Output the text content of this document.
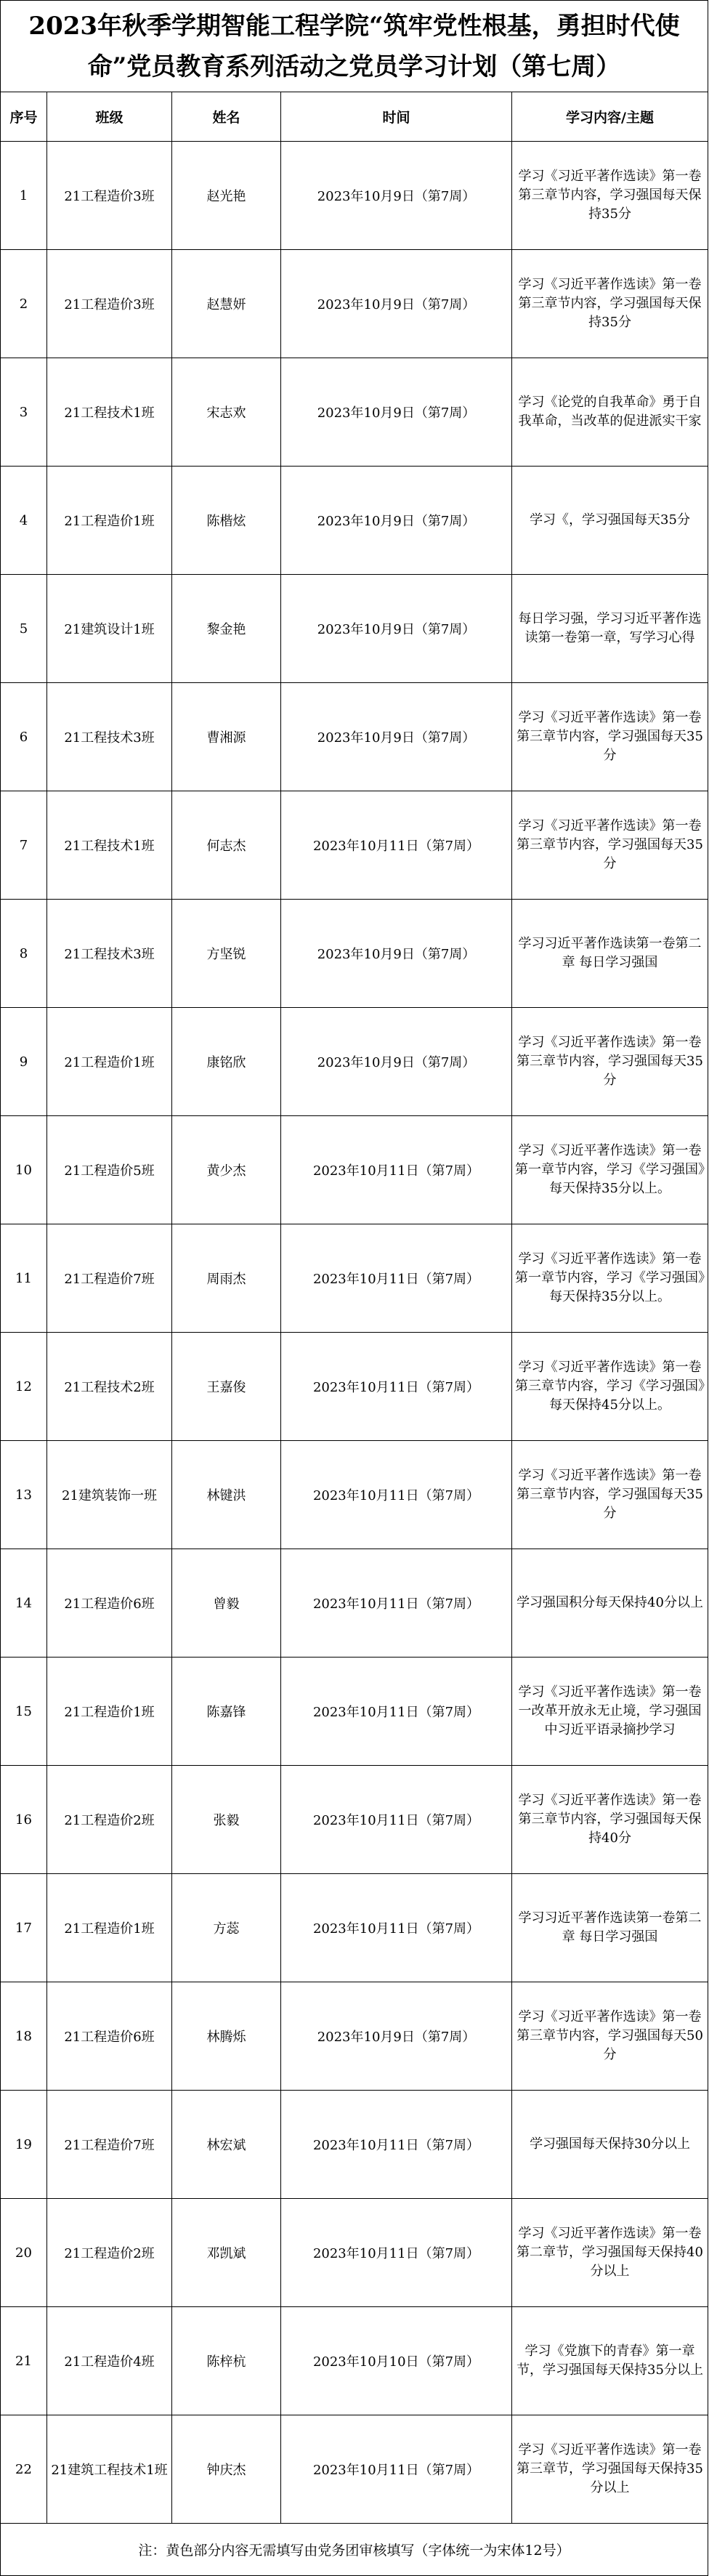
2023年秋季学期智能工程学院“筑牢党性根基，勇担时代使命”党员教育系列活动之党员学习计划（第七周）				
序号	班级	姓名	时间	学习内容/主题
1	21工程造价3班	赵光艳	2023年10月9日（第7周）	学习《习近平著作选读》第一卷第三章节内容，学习强国每天保持35分
2	21工程造价3班	赵慧妍	2023年10月9日（第7周）	学习《习近平著作选读》第一卷第三章节内容，学习强国每天保持35分
3	21工程技术1班	宋志欢	2023年10月9日（第7周）	学习《论党的自我革命》勇于自我革命，当改革的促进派实干家
4	21工程造价1班	陈楷炫	2023年10月9日（第7周）	学习《，学习强国每天35分
5	21建筑设计1班	黎金艳	2023年10月9日（第7周）	每日学习强，学习习近平著作选读第一卷第一章，写学习心得
6	21工程技术3班	曹湘源	2023年10月9日（第7周）	学习《习近平著作选读》第一卷第三章节内容，学习强国每天35分
7	21工程技术1班	何志杰	2023年10月11日（第7周）	学习《习近平著作选读》第一卷第三章节内容，学习强国每天35分
8	21工程技术3班	方坚锐	2023年10月9日（第7周）	学习习近平著作选读第一卷第二章 每日学习强国
9	21工程造价1班	康铭欣	2023年10月9日（第7周）	学习《习近平著作选读》第一卷第三章节内容，学习强国每天35分
10	21工程造价5班	黄少杰	2023年10月11日（第7周）	学习《习近平著作选读》第一卷第一章节内容，学习《学习强国》每天保持35分以上。
11	21工程造价7班	周雨杰	2023年10月11日（第7周）	学习《习近平著作选读》第一卷第一章节内容，学习《学习强国》每天保持35分以上。
12	21工程技术2班	王嘉俊	2023年10月11日（第7周）	学习《习近平著作选读》第一卷第三章节内容，学习《学习强国》每天保持45分以上。
13	21建筑装饰一班	林键洪	2023年10月11日（第7周）	学习《习近平著作选读》第一卷第三章节内容，学习强国每天35分
14	21工程造价6班	曾毅	2023年10月11日（第7周）	学习强国积分每天保持40分以上
15	21工程造价1班	陈嘉锋	2023年10月11日（第7周）	学习《习近平著作选读》第一卷一改革开放永无止境，学习强国中习近平语录摘抄学习
16	21工程造价2班	张毅	2023年10月11日（第7周）	学习《习近平著作选读》第一卷第三章节内容，学习强国每天保持40分
17	21工程造价1班	方蕊	2023年10月11日（第7周）	学习习近平著作选读第一卷第二章 每日学习强国
18	21工程造价6班	林腾烁	2023年10月9日（第7周）	学习《习近平著作选读》第一卷第三章节内容，学习强国每天50分
19	21工程造价7班	林宏斌	2023年10月11日（第7周）	学习强国每天保持30分以上
20	21工程造价2班	邓凯斌	2023年10月11日（第7周）	学习《习近平著作选读》第一卷第二章节，学习强国每天保持40分以上
21	21工程造价4班	陈梓杭	2023年10月10日（第7周）	学习《党旗下的青春》第一章节，学习强国每天保持35分以上
22	21建筑工程技术1班	钟庆杰	2023年10月11日（第7周）	学习《习近平著作选读》第一卷第三章节，学习强国每天保持35分以上
注：黄色部分内容无需填写由党务团审核填写（字体统一为宋体12号）				
